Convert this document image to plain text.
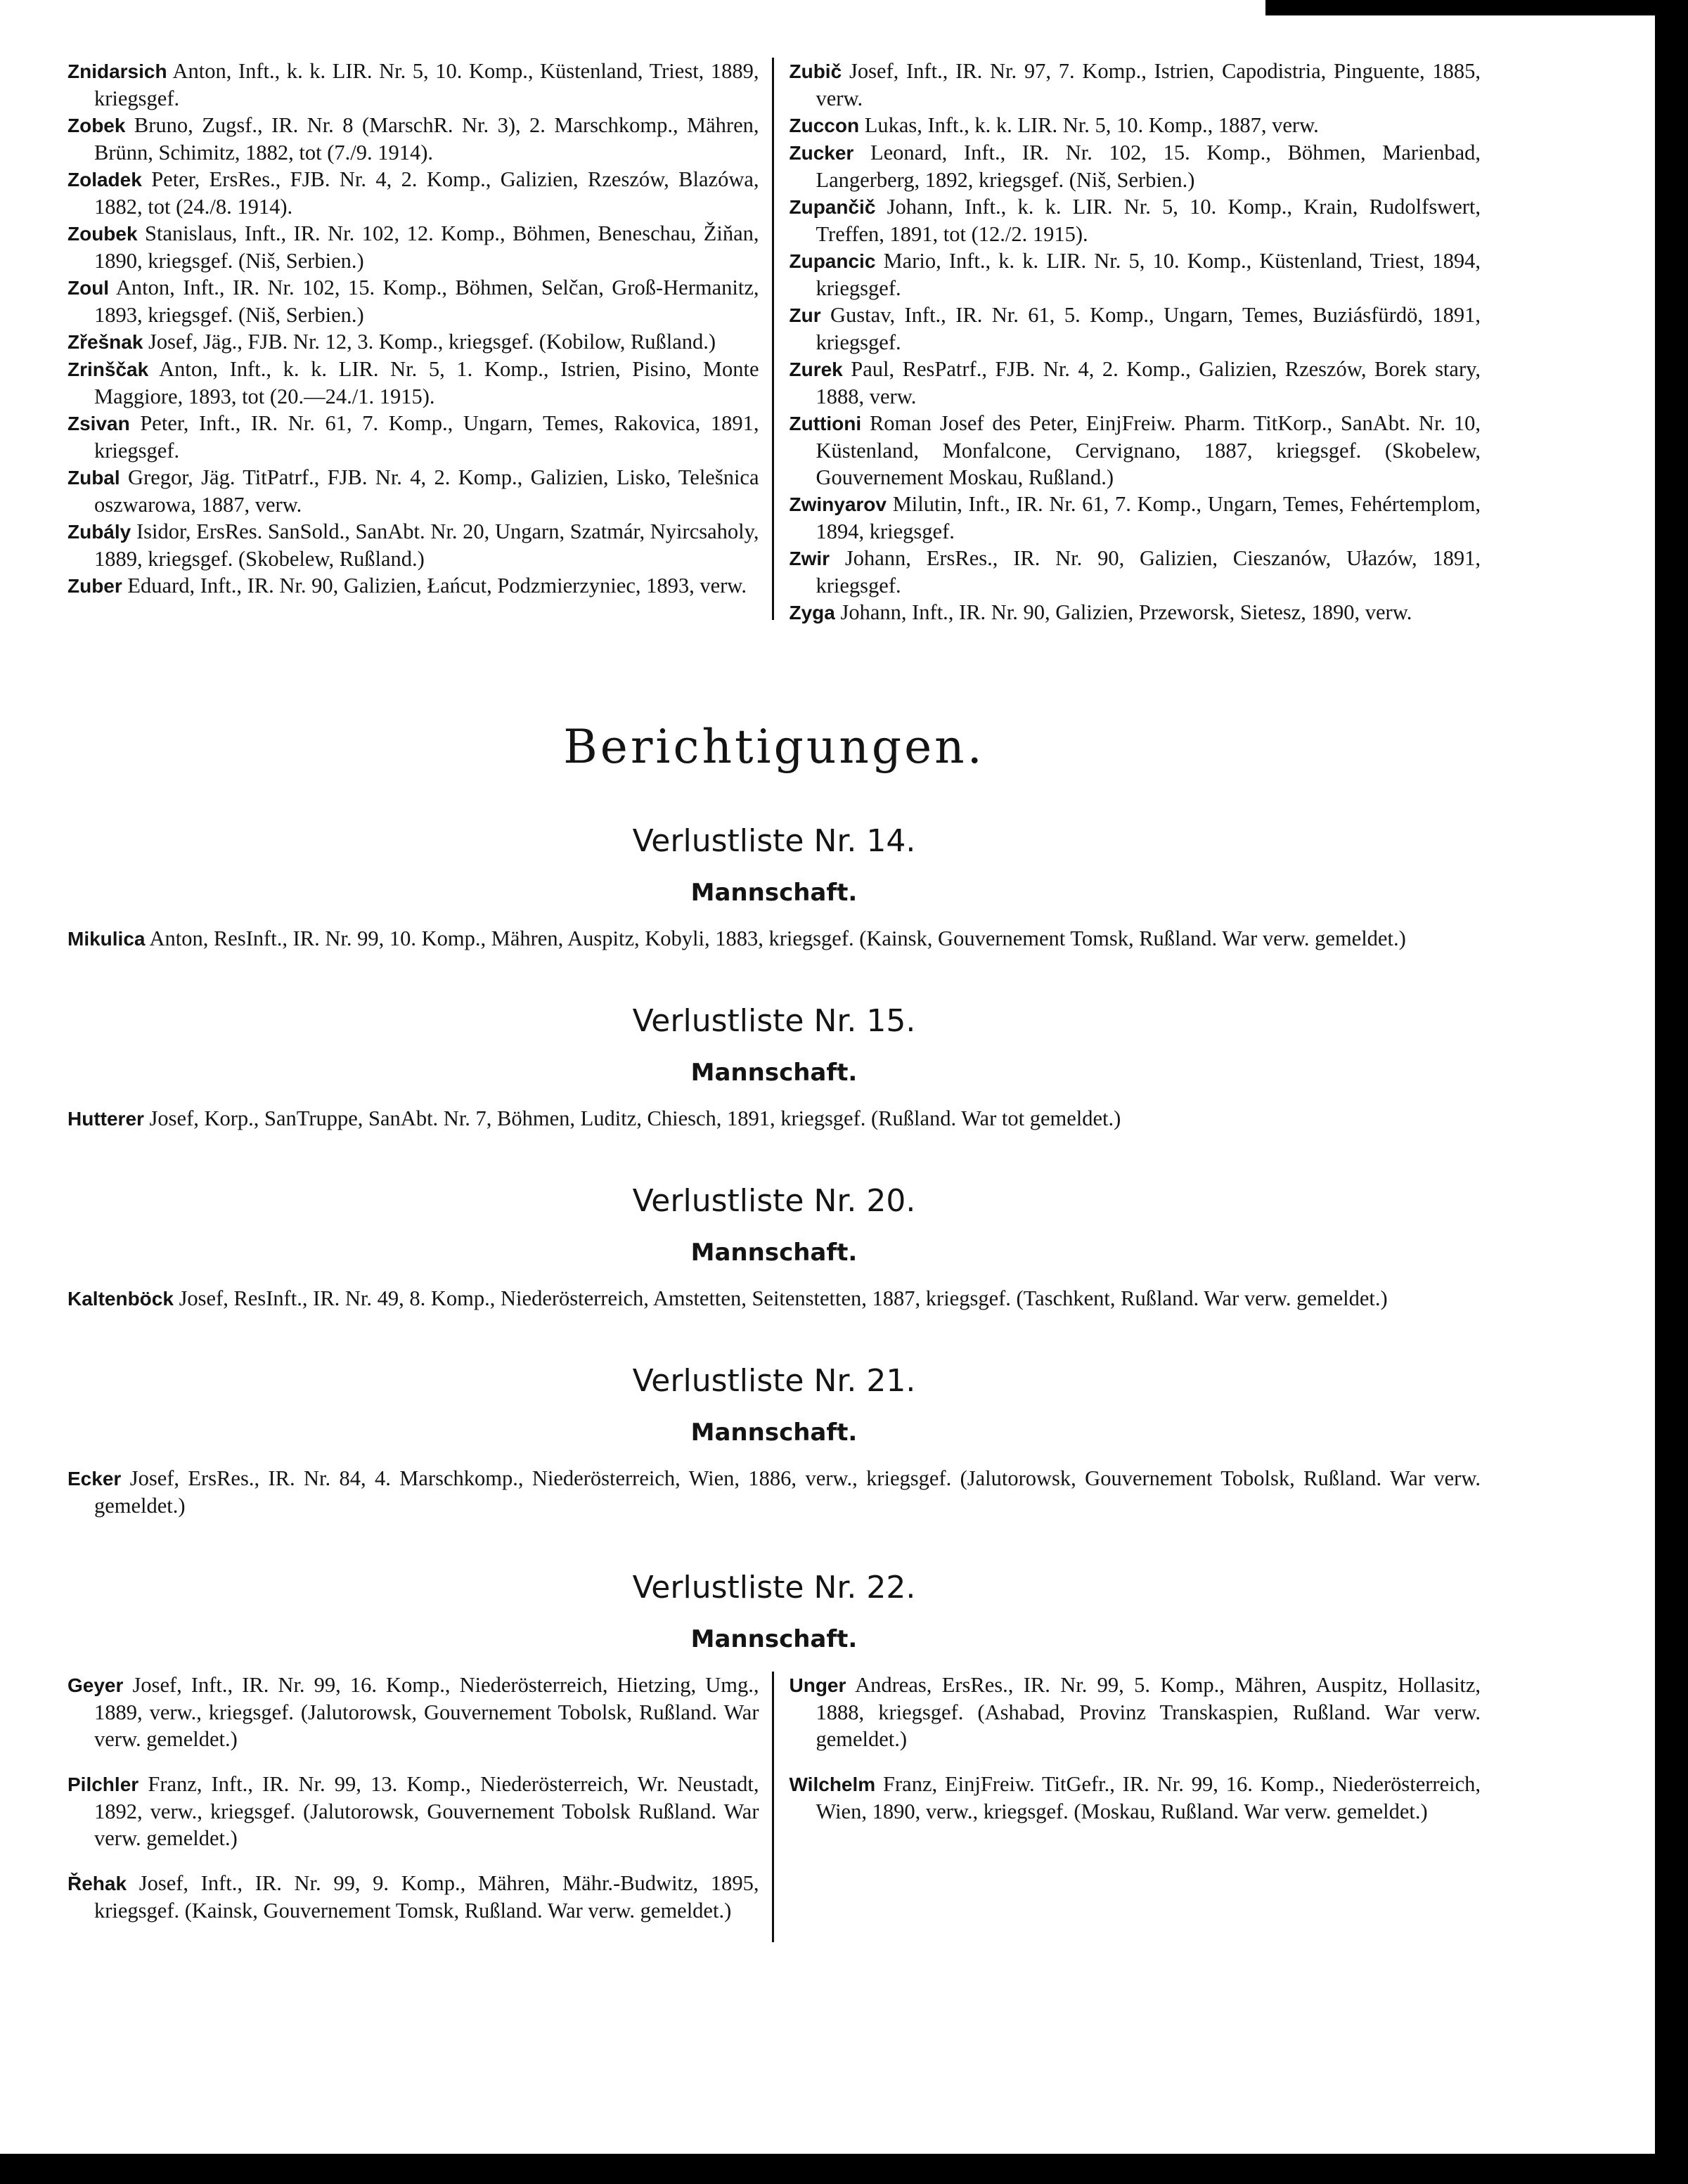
Znidarsich Anton, Inft., k. k. LIR. Nr. 5, 10. Komp., Küstenland, Triest, 1889, kriegsgef.

Zobek Bruno, Zugsf., IR. Nr. 8 (MarschR. Nr. 3), 2. Marschkomp., Mähren, Brünn, Schimitz, 1882, tot (7./9. 1914).

Zoladek Peter, ErsRes., FJB. Nr. 4, 2. Komp., Galizien, Rzeszów, Blazówa, 1882, tot (24./8. 1914).

Zoubek Stanislaus, Inft., IR. Nr. 102, 12. Komp., Böhmen, Beneschau, Žiňan, 1890, kriegsgef. (Niš, Serbien.)

Zoul Anton, Inft., IR. Nr. 102, 15. Komp., Böhmen, Selčan, Groß-Hermanitz, 1893, kriegsgef. (Niš, Serbien.)

Zřešnak Josef, Jäg., FJB. Nr. 12, 3. Komp., kriegsgef. (Kobilow, Rußland.)

Zrinščak Anton, Inft., k. k. LIR. Nr. 5, 1. Komp., Istrien, Pisino, Monte Maggiore, 1893, tot (20.—24./1. 1915).

Zsivan Peter, Inft., IR. Nr. 61, 7. Komp., Ungarn, Temes, Rakovica, 1891, kriegsgef.

Zubal Gregor, Jäg. TitPatrf., FJB. Nr. 4, 2. Komp., Galizien, Lisko, Telešnica oszwarowa, 1887, verw.

Zubály Isidor, ErsRes. SanSold., SanAbt. Nr. 20, Ungarn, Szatmár, Nyircsaholy, 1889, kriegsgef. (Skobelew, Rußland.)

Zuber Eduard, Inft., IR. Nr. 90, Galizien, Łańcut, Podzmierzyniec, 1893, verw.

Zubič Josef, Inft., IR. Nr. 97, 7. Komp., Istrien, Capodistria, Pinguente, 1885, verw.

Zuccon Lukas, Inft., k. k. LIR. Nr. 5, 10. Komp., 1887, verw.

Zucker Leonard, Inft., IR. Nr. 102, 15. Komp., Böhmen, Marienbad, Langerberg, 1892, kriegsgef. (Niš, Serbien.)

Zupančič Johann, Inft., k. k. LIR. Nr. 5, 10. Komp., Krain, Rudolfswert, Treffen, 1891, tot (12./2. 1915).

Zupancic Mario, Inft., k. k. LIR. Nr. 5, 10. Komp., Küstenland, Triest, 1894, kriegsgef.

Zur Gustav, Inft., IR. Nr. 61, 5. Komp., Ungarn, Temes, Buziásfürdö, 1891, kriegsgef.

Zurek Paul, ResPatrf., FJB. Nr. 4, 2. Komp., Galizien, Rzeszów, Borek stary, 1888, verw.

Zuttioni Roman Josef des Peter, EinjFreiw. Pharm. TitKorp., SanAbt. Nr. 10, Küstenland, Monfalcone, Cervignano, 1887, kriegsgef. (Skobelew, Gouvernement Moskau, Rußland.)

Zwinyarov Milutin, Inft., IR. Nr. 61, 7. Komp., Ungarn, Temes, Fehértemplom, 1894, kriegsgef.

Zwir Johann, ErsRes., IR. Nr. 90, Galizien, Cieszanów, Ułazów, 1891, kriegsgef.

Zyga Johann, Inft., IR. Nr. 90, Galizien, Przeworsk, Sietesz, 1890, verw.

Berichtigungen.
Verlustliste Nr. 14.
Mannschaft.

Mikulica Anton, ResInft., IR. Nr. 99, 10. Komp., Mähren, Auspitz, Kobyli, 1883, kriegsgef. (Kainsk, Gouvernement Tomsk, Rußland. War verw. gemeldet.)

Verlustliste Nr. 15.
Mannschaft.

Hutterer Josef, Korp., SanTruppe, SanAbt. Nr. 7, Böhmen, Luditz, Chiesch, 1891, kriegsgef. (Rußland. War tot gemeldet.)

Verlustliste Nr. 20.
Mannschaft.

Kaltenböck Josef, ResInft., IR. Nr. 49, 8. Komp., Niederösterreich, Amstetten, Seitenstetten, 1887, kriegsgef. (Taschkent, Rußland. War verw. gemeldet.)

Verlustliste Nr. 21.
Mannschaft.

Ecker Josef, ErsRes., IR. Nr. 84, 4. Marschkomp., Niederösterreich, Wien, 1886, verw., kriegsgef. (Jalutorowsk, Gouvernement Tobolsk, Rußland. War verw. gemeldet.)

Verlustliste Nr. 22.
Mannschaft.

Geyer Josef, Inft., IR. Nr. 99, 16. Komp., Niederösterreich, Hietzing, Umg., 1889, verw., kriegsgef. (Jalutorowsk, Gouvernement Tobolsk, Rußland. War verw. gemeldet.)

Pilchler Franz, Inft., IR. Nr. 99, 13. Komp., Niederösterreich, Wr. Neustadt, 1892, verw., kriegsgef. (Jalutorowsk, Gouvernement Tobolsk Rußland. War verw. gemeldet.)

Řehak Josef, Inft., IR. Nr. 99, 9. Komp., Mähren, Mähr.-Budwitz, 1895, kriegsgef. (Kainsk, Gouvernement Tomsk, Rußland. War verw. gemeldet.)

Unger Andreas, ErsRes., IR. Nr. 99, 5. Komp., Mähren, Auspitz, Hollasitz, 1888, kriegsgef. (Ashabad, Provinz Transkaspien, Rußland. War verw. gemeldet.)

Wilchelm Franz, EinjFreiw. TitGefr., IR. Nr. 99, 16. Komp., Niederösterreich, Wien, 1890, verw., kriegsgef. (Moskau, Rußland. War verw. gemeldet.)
